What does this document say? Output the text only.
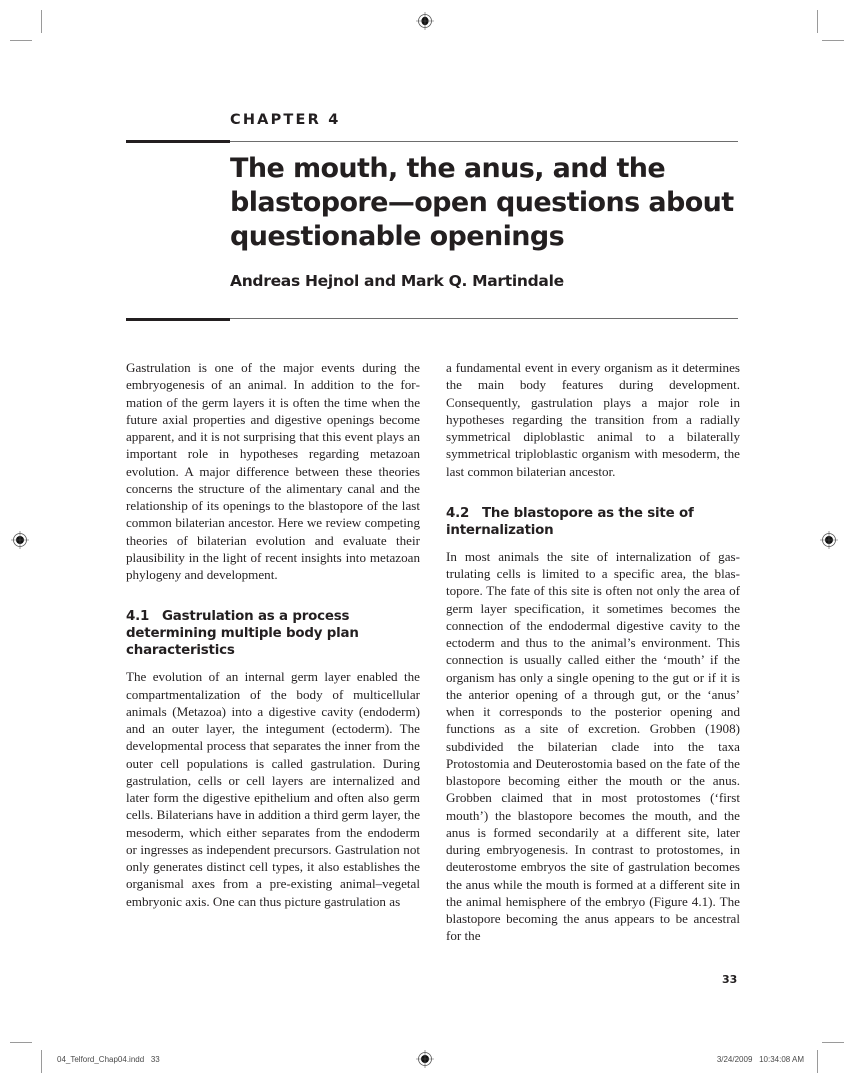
CHAPTER 4
The mouth, the anus, and the blastopore—open questions about questionable openings
Andreas Hejnol and Mark Q. Martindale

Gastrulation is one of the major events during the embryogenesis of an animal. In addition to the formation of the germ layers it is often the time when the future axial properties and digestive openings become apparent, and it is not surprising that this event plays an important role in hypotheses regarding metazoan evolution. A major difference between these theories concerns the structure of the alimentary canal and the relationship of its openings to the blastopore of the last common bilaterian ancestor. Here we review competing theories of bilaterian evolution and evaluate their plausibility in the light of recent insights into metazoan phylogeny and development.

4.1 Gastrulation as a process determining multiple body plan characteristics

The evolution of an internal germ layer enabled the compartmentalization of the body of multicellular animals (Metazoa) into a digestive cavity (endoderm) and an outer layer, the integument (ectoderm). The developmental process that separates the inner from the outer cell populations is called gastrulation. During gastrulation, cells or cell layers are internalized and later form the digestive epithelium and often also germ cells. Bilaterians have in addition a third germ layer, the mesoderm, which either separates from the endoderm or ingresses as independent precursors. Gastrulation not only generates distinct cell types, it also establishes the organismal axes from a pre-existing animal–vegetal embryonic axis. One can thus picture gastrulation as

a fundamental event in every organism as it determines the main body features during development. Consequently, gastrulation plays a major role in hypotheses regarding the transition from a radially symmetrical diploblastic animal to a bilaterally symmetrical triploblastic organism with mesoderm, the last common bilaterian ancestor.

4.2 The blastopore as the site of internalization

In most animals the site of internalization of gastrulating cells is limited to a specific area, the blastopore. The fate of this site is often not only the area of germ layer specification, it sometimes becomes the connection of the endodermal digestive cavity to the ectoderm and thus to the animal’s environment. This connection is usually called either the ‘mouth’ if the organism has only a single opening to the gut or if it is the anterior opening of a through gut, or the ‘anus’ when it corresponds to the posterior opening and functions as a site of excretion. Grobben (1908) subdivided the bilaterian clade into the taxa Protostomia and Deuterostomia based on the fate of the blastopore becoming either the mouth or the anus. Grobben claimed that in most protostomes (‘first mouth’) the blastopore becomes the mouth, and the anus is formed secondarily at a different site, later during embryogenesis. In contrast to protostomes, in deuterostome embryos the site of gastrulation becomes the anus while the mouth is formed at a different site in the animal hemisphere of the embryo (Figure 4.1). The blastopore becoming the anus appears to be ancestral for the

33
04_Telford_Chap04.indd   33	3/24/2009   10:34:08 AM
